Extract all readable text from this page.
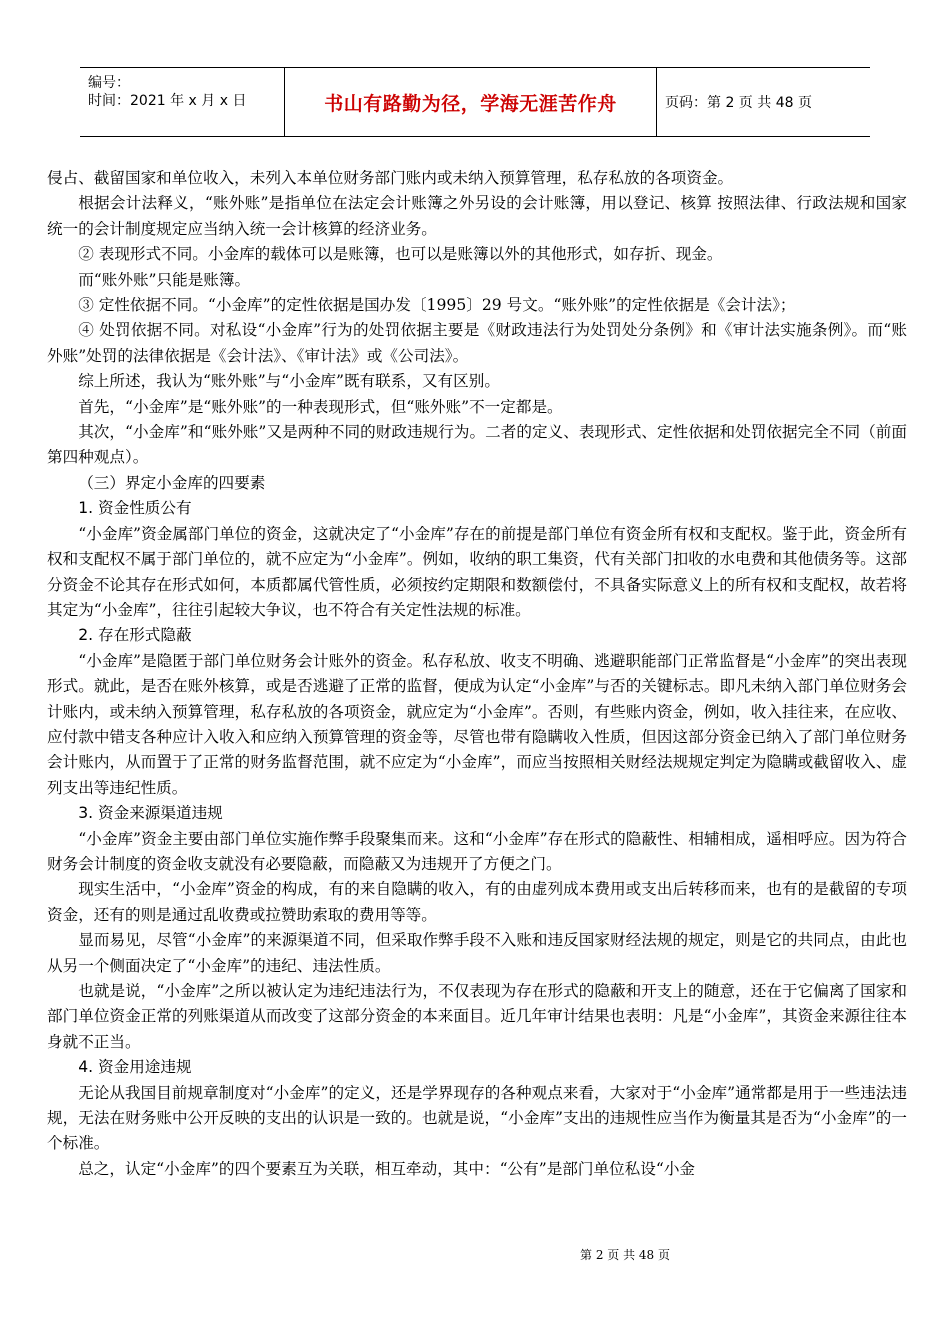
编号：
时间：2021 年 x 月 x 日	书山有路勤为径，学海无涯苦作舟	页码：第 2 页 共 48 页

侵占、截留国家和单位收入，未列入本单位财务部门账内或未纳入预算管理，私存私放的各项资金。

根据会计法释义，“账外账”是指单位在法定会计账簿之外另设的会计账簿，用以登记、核算 按照法律、行政法规和国家统一的会计制度规定应当纳入统一会计核算的经济业务。

② 表现形式不同。小金库的载体可以是账簿，也可以是账簿以外的其他形式，如存折、现金。

而“账外账”只能是账簿。

③ 定性依据不同。“小金库”的定性依据是国办发〔1995〕29 号文。“账外账”的定性依据是《会计法》；

④ 处罚依据不同。对私设“小金库”行为的处罚依据主要是《财政违法行为处罚处分条例》和《审计法实施条例》。而“账外账”处罚的法律依据是《会计法》、《审计法》或《公司法》。

综上所述，我认为“账外账”与“小金库”既有联系，又有区别。

首先，“小金库”是“账外账”的一种表现形式，但“账外账”不一定都是。

其次，“小金库”和“账外账”又是两种不同的财政违规行为。二者的定义、表现形式、定性依据和处罚依据完全不同（前面第四种观点）。

（三）界定小金库的四要素

1. 资金性质公有

“小金库”资金属部门单位的资金，这就决定了“小金库”存在的前提是部门单位有资金所有权和支配权。鉴于此，资金所有权和支配权不属于部门单位的，就不应定为“小金库”。例如，收纳的职工集资，代有关部门扣收的水电费和其他债务等。这部分资金不论其存在形式如何，本质都属代管性质，必须按约定期限和数额偿付，不具备实际意义上的所有权和支配权，故若将其定为“小金库”，往往引起较大争议，也不符合有关定性法规的标准。

2. 存在形式隐蔽

“小金库”是隐匿于部门单位财务会计账外的资金。私存私放、收支不明确、逃避职能部门正常监督是“小金库”的突出表现形式。就此，是否在账外核算，或是否逃避了正常的监督，便成为认定“小金库”与否的关键标志。即凡未纳入部门单位财务会计账内，或未纳入预算管理，私存私放的各项资金，就应定为“小金库”。否则，有些账内资金，例如，收入挂往来，在应收、应付款中错支各种应计入收入和应纳入预算管理的资金等，尽管也带有隐瞒收入性质，但因这部分资金已纳入了部门单位财务会计账内，从而置于了正常的财务监督范围，就不应定为“小金库”，而应当按照相关财经法规规定判定为隐瞒或截留收入、虚列支出等违纪性质。

3. 资金来源渠道违规

“小金库”资金主要由部门单位实施作弊手段聚集而来。这和“小金库”存在形式的隐蔽性、相辅相成，遥相呼应。因为符合财务会计制度的资金收支就没有必要隐蔽，而隐蔽又为违规开了方便之门。

现实生活中，“小金库”资金的构成，有的来自隐瞒的收入，有的由虚列成本费用或支出后转移而来，也有的是截留的专项资金，还有的则是通过乱收费或拉赞助索取的费用等等。

显而易见，尽管“小金库”的来源渠道不同，但采取作弊手段不入账和违反国家财经法规的规定，则是它的共同点，由此也从另一个侧面决定了“小金库”的违纪、违法性质。

也就是说，“小金库”之所以被认定为违纪违法行为，不仅表现为存在形式的隐蔽和开支上的随意，还在于它偏离了国家和部门单位资金正常的列账渠道从而改变了这部分资金的本来面目。近几年审计结果也表明：凡是“小金库”，其资金来源往往本身就不正当。

4. 资金用途违规

无论从我国目前规章制度对“小金库”的定义，还是学界现存的各种观点来看，大家对于“小金库”通常都是用于一些违法违规，无法在财务账中公开反映的支出的认识是一致的。也就是说，“小金库”支出的违规性应当作为衡量其是否为“小金库”的一个标准。

总之，认定“小金库”的四个要素互为关联，相互牵动，其中：“公有”是部门单位私设“小金

第 2 页 共 48 页
